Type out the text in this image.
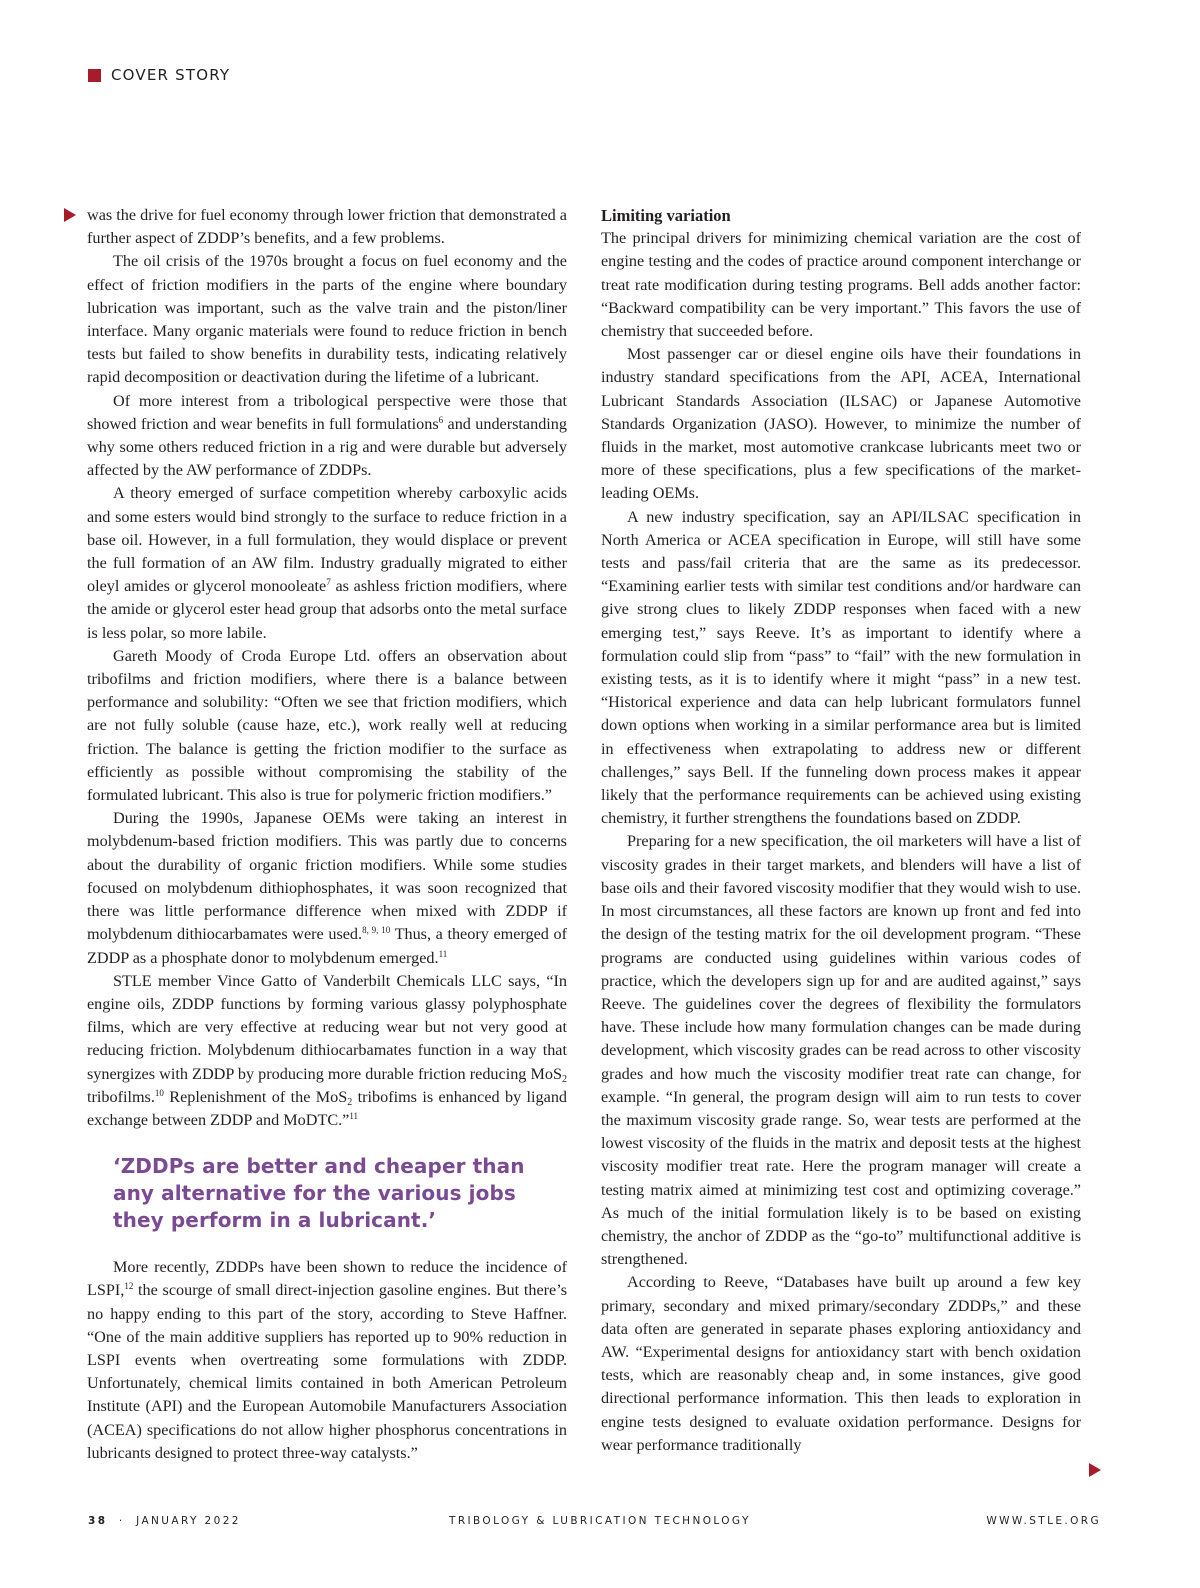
COVER STORY

was the drive for fuel economy through lower friction that demonstrated a further aspect of ZDDP’s benefits, and a few problems.

The oil crisis of the 1970s brought a focus on fuel economy and the effect of friction modifiers in the parts of the engine where boundary lubrication was important, such as the valve train and the piston/liner interface. Many organic materials were found to reduce friction in bench tests but failed to show benefits in durability tests, indicating relatively rapid decomposition or deactivation during the lifetime of a lubricant.

Of more interest from a tribological perspective were those that showed friction and wear benefits in full formulations$^6$ and understanding why some others reduced friction in a rig and were durable but adversely affected by the AW performance of ZDDPs.

A theory emerged of surface competition whereby carboxylic acids and some esters would bind strongly to the surface to reduce friction in a base oil. However, in a full formulation, they would displace or prevent the full formation of an AW film. Industry gradually migrated to either oleyl amides or glycerol monooleate$^7$ as ashless friction modifiers, where the amide or glycerol ester head group that adsorbs onto the metal surface is less polar, so more labile.

Gareth Moody of Croda Europe Ltd. offers an observation about tribofilms and friction modifiers, where there is a balance between performance and solubility: “Often we see that friction modifiers, which are not fully soluble (cause haze, etc.), work really well at reducing friction. The balance is getting the friction modifier to the surface as efficiently as possible without compromising the stability of the formulated lubricant. This also is true for polymeric friction modifiers.”

During the 1990s, Japanese OEMs were taking an interest in molybdenum-based friction modifiers. This was partly due to concerns about the durability of organic friction modifiers. While some studies focused on molybdenum dithiophosphates, it was soon recognized that there was little performance difference when mixed with ZDDP if molybdenum dithiocarbamates were used.$^{8, 9, 10}$ Thus, a theory emerged of ZDDP as a phosphate donor to molybdenum emerged.$^{11}$

STLE member Vince Gatto of Vanderbilt Chemicals LLC says, “In engine oils, ZDDP functions by forming various glassy polyphosphate films, which are very effective at reducing wear but not very good at reducing friction. Molybdenum dithiocarbamates function in a way that synergizes with ZDDP by producing more durable friction reducing MoS$_2$ tribofilms.$^{10}$ Replenishment of the MoS$_2$ tribofims is enhanced by ligand exchange between ZDDP and MoDTC.”$^{11}$

‘ZDDPs are better and cheaper than any alternative for the various jobs they perform in a lubricant.’

More recently, ZDDPs have been shown to reduce the incidence of LSPI,$^{12}$ the scourge of small direct-injection gasoline engines. But there’s no happy ending to this part of the story, according to Steve Haffner. “One of the main additive suppliers has reported up to 90% reduction in LSPI events when overtreating some formulations with ZDDP. Unfortunately, chemical limits contained in both American Petroleum Institute (API) and the European Automobile Manufacturers Association (ACEA) specifications do not allow higher phosphorus concentrations in lubricants designed to protect three-way catalysts.”

Limiting variation

The principal drivers for minimizing chemical variation are the cost of engine testing and the codes of practice around component interchange or treat rate modification during testing programs. Bell adds another factor: “Backward compatibility can be very important.” This favors the use of chemistry that succeeded before.

Most passenger car or diesel engine oils have their foundations in industry standard specifications from the API, ACEA, International Lubricant Standards Association (ILSAC) or Japanese Automotive Standards Organization (JASO). However, to minimize the number of fluids in the market, most automotive crankcase lubricants meet two or more of these specifications, plus a few specifications of the market-leading OEMs.

A new industry specification, say an API/ILSAC specification in North America or ACEA specification in Europe, will still have some tests and pass/fail criteria that are the same as its predecessor. “Examining earlier tests with similar test conditions and/or hardware can give strong clues to likely ZDDP responses when faced with a new emerging test,” says Reeve. It’s as important to identify where a formulation could slip from “pass” to “fail” with the new formulation in existing tests, as it is to identify where it might “pass” in a new test. “Historical experience and data can help lubricant formulators funnel down options when working in a similar performance area but is limited in effectiveness when extrapolating to address new or different challenges,” says Bell. If the funneling down process makes it appear likely that the performance requirements can be achieved using existing chemistry, it further strengthens the foundations based on ZDDP.

Preparing for a new specification, the oil marketers will have a list of viscosity grades in their target markets, and blenders will have a list of base oils and their favored viscosity modifier that they would wish to use. In most circumstances, all these factors are known up front and fed into the design of the testing matrix for the oil development program. “These programs are conducted using guidelines within various codes of practice, which the developers sign up for and are audited against,” says Reeve. The guidelines cover the degrees of flexibility the formulators have. These include how many formulation changes can be made during development, which viscosity grades can be read across to other viscosity grades and how much the viscosity modifier treat rate can change, for example. “In general, the program design will aim to run tests to cover the maximum viscosity grade range. So, wear tests are performed at the lowest viscosity of the fluids in the matrix and deposit tests at the highest viscosity modifier treat rate. Here the program manager will create a testing matrix aimed at minimizing test cost and optimizing coverage.” As much of the initial formulation likely is to be based on existing chemistry, the anchor of ZDDP as the “go-to” multifunctional additive is strengthened.

According to Reeve, “Databases have built up around a few key primary, secondary and mixed primary/secondary ZDDPs,” and these data often are generated in separate phases exploring antioxidancy and AW. “Experimental designs for antioxidancy start with bench oxidation tests, which are reasonably cheap and, in some instances, give good directional performance information. This then leads to exploration in engine tests designed to evaluate oxidation performance. Designs for wear performance traditionally

38 · JANUARY 2022	TRIBOLOGY & LUBRICATION TECHNOLOGY	WWW.STLE.ORG
